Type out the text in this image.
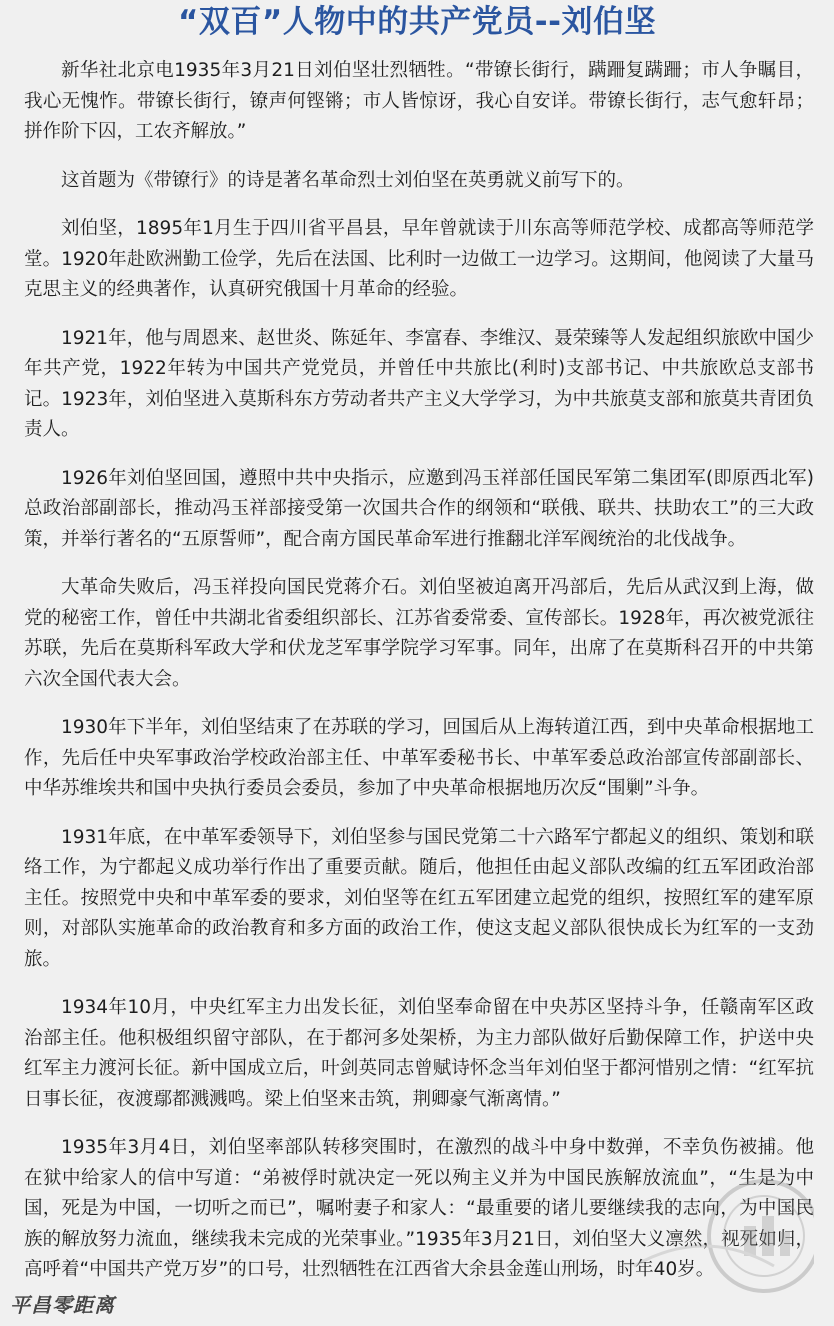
“双百”人物中的共产党员--刘伯坚

新华社北京电1935年3月21日刘伯坚壮烈牺牲。“带镣长街行，蹒跚复蹒跚；市人争瞩目，我心无愧怍。带镣长街行，镣声何铿锵；市人皆惊讶，我心自安详。带镣长街行，志气愈轩昂；拼作阶下囚，工农齐解放。”

这首题为《带镣行》的诗是著名革命烈士刘伯坚在英勇就义前写下的。

刘伯坚，1895年1月生于四川省平昌县，早年曾就读于川东高等师范学校、成都高等师范学堂。1920年赴欧洲勤工俭学，先后在法国、比利时一边做工一边学习。这期间，他阅读了大量马克思主义的经典著作，认真研究俄国十月革命的经验。

1921年，他与周恩来、赵世炎、陈延年、李富春、李维汉、聂荣臻等人发起组织旅欧中国少年共产党，1922年转为中国共产党党员，并曾任中共旅比(利时)支部书记、中共旅欧总支部书记。1923年，刘伯坚进入莫斯科东方劳动者共产主义大学学习，为中共旅莫支部和旅莫共青团负责人。

1926年刘伯坚回国，遵照中共中央指示，应邀到冯玉祥部任国民军第二集团军(即原西北军)总政治部副部长，推动冯玉祥部接受第一次国共合作的纲领和“联俄、联共、扶助农工”的三大政策，并举行著名的“五原誓师”，配合南方国民革命军进行推翻北洋军阀统治的北伐战争。

大革命失败后，冯玉祥投向国民党蒋介石。刘伯坚被迫离开冯部后，先后从武汉到上海，做党的秘密工作，曾任中共湖北省委组织部长、江苏省委常委、宣传部长。1928年，再次被党派往苏联，先后在莫斯科军政大学和伏龙芝军事学院学习军事。同年，出席了在莫斯科召开的中共第六次全国代表大会。

1930年下半年，刘伯坚结束了在苏联的学习，回国后从上海转道江西，到中央革命根据地工作，先后任中央军事政治学校政治部主任、中革军委秘书长、中革军委总政治部宣传部副部长、中华苏维埃共和国中央执行委员会委员，参加了中央革命根据地历次反“围剿”斗争。

1931年底，在中革军委领导下，刘伯坚参与国民党第二十六路军宁都起义的组织、策划和联络工作，为宁都起义成功举行作出了重要贡献。随后，他担任由起义部队改编的红五军团政治部主任。按照党中央和中革军委的要求，刘伯坚等在红五军团建立起党的组织，按照红军的建军原则，对部队实施革命的政治教育和多方面的政治工作，使这支起义部队很快成长为红军的一支劲旅。

1934年10月，中央红军主力出发长征，刘伯坚奉命留在中央苏区坚持斗争，任赣南军区政治部主任。他积极组织留守部队，在于都河多处架桥，为主力部队做好后勤保障工作，护送中央红军主力渡河长征。新中国成立后，叶剑英同志曾赋诗怀念当年刘伯坚于都河惜别之情：“红军抗日事长征，夜渡鄢都溅溅鸣。梁上伯坚来击筑，荆卿豪气渐离情。”

1935年3月4日，刘伯坚率部队转移突围时，在激烈的战斗中身中数弹，不幸负伤被捕。他在狱中给家人的信中写道：“弟被俘时就决定一死以殉主义并为中国民族解放流血”，“生是为中国，死是为中国，一切听之而已”，嘱咐妻子和家人：“最重要的诸儿要继续我的志向，为中国民族的解放努力流血，继续我未完成的光荣事业。”1935年3月21日，刘伯坚大义凛然，视死如归，高呼着“中国共产党万岁”的口号，壮烈牺牲在江西省大余县金莲山刑场，时年40岁。

平昌零距离
